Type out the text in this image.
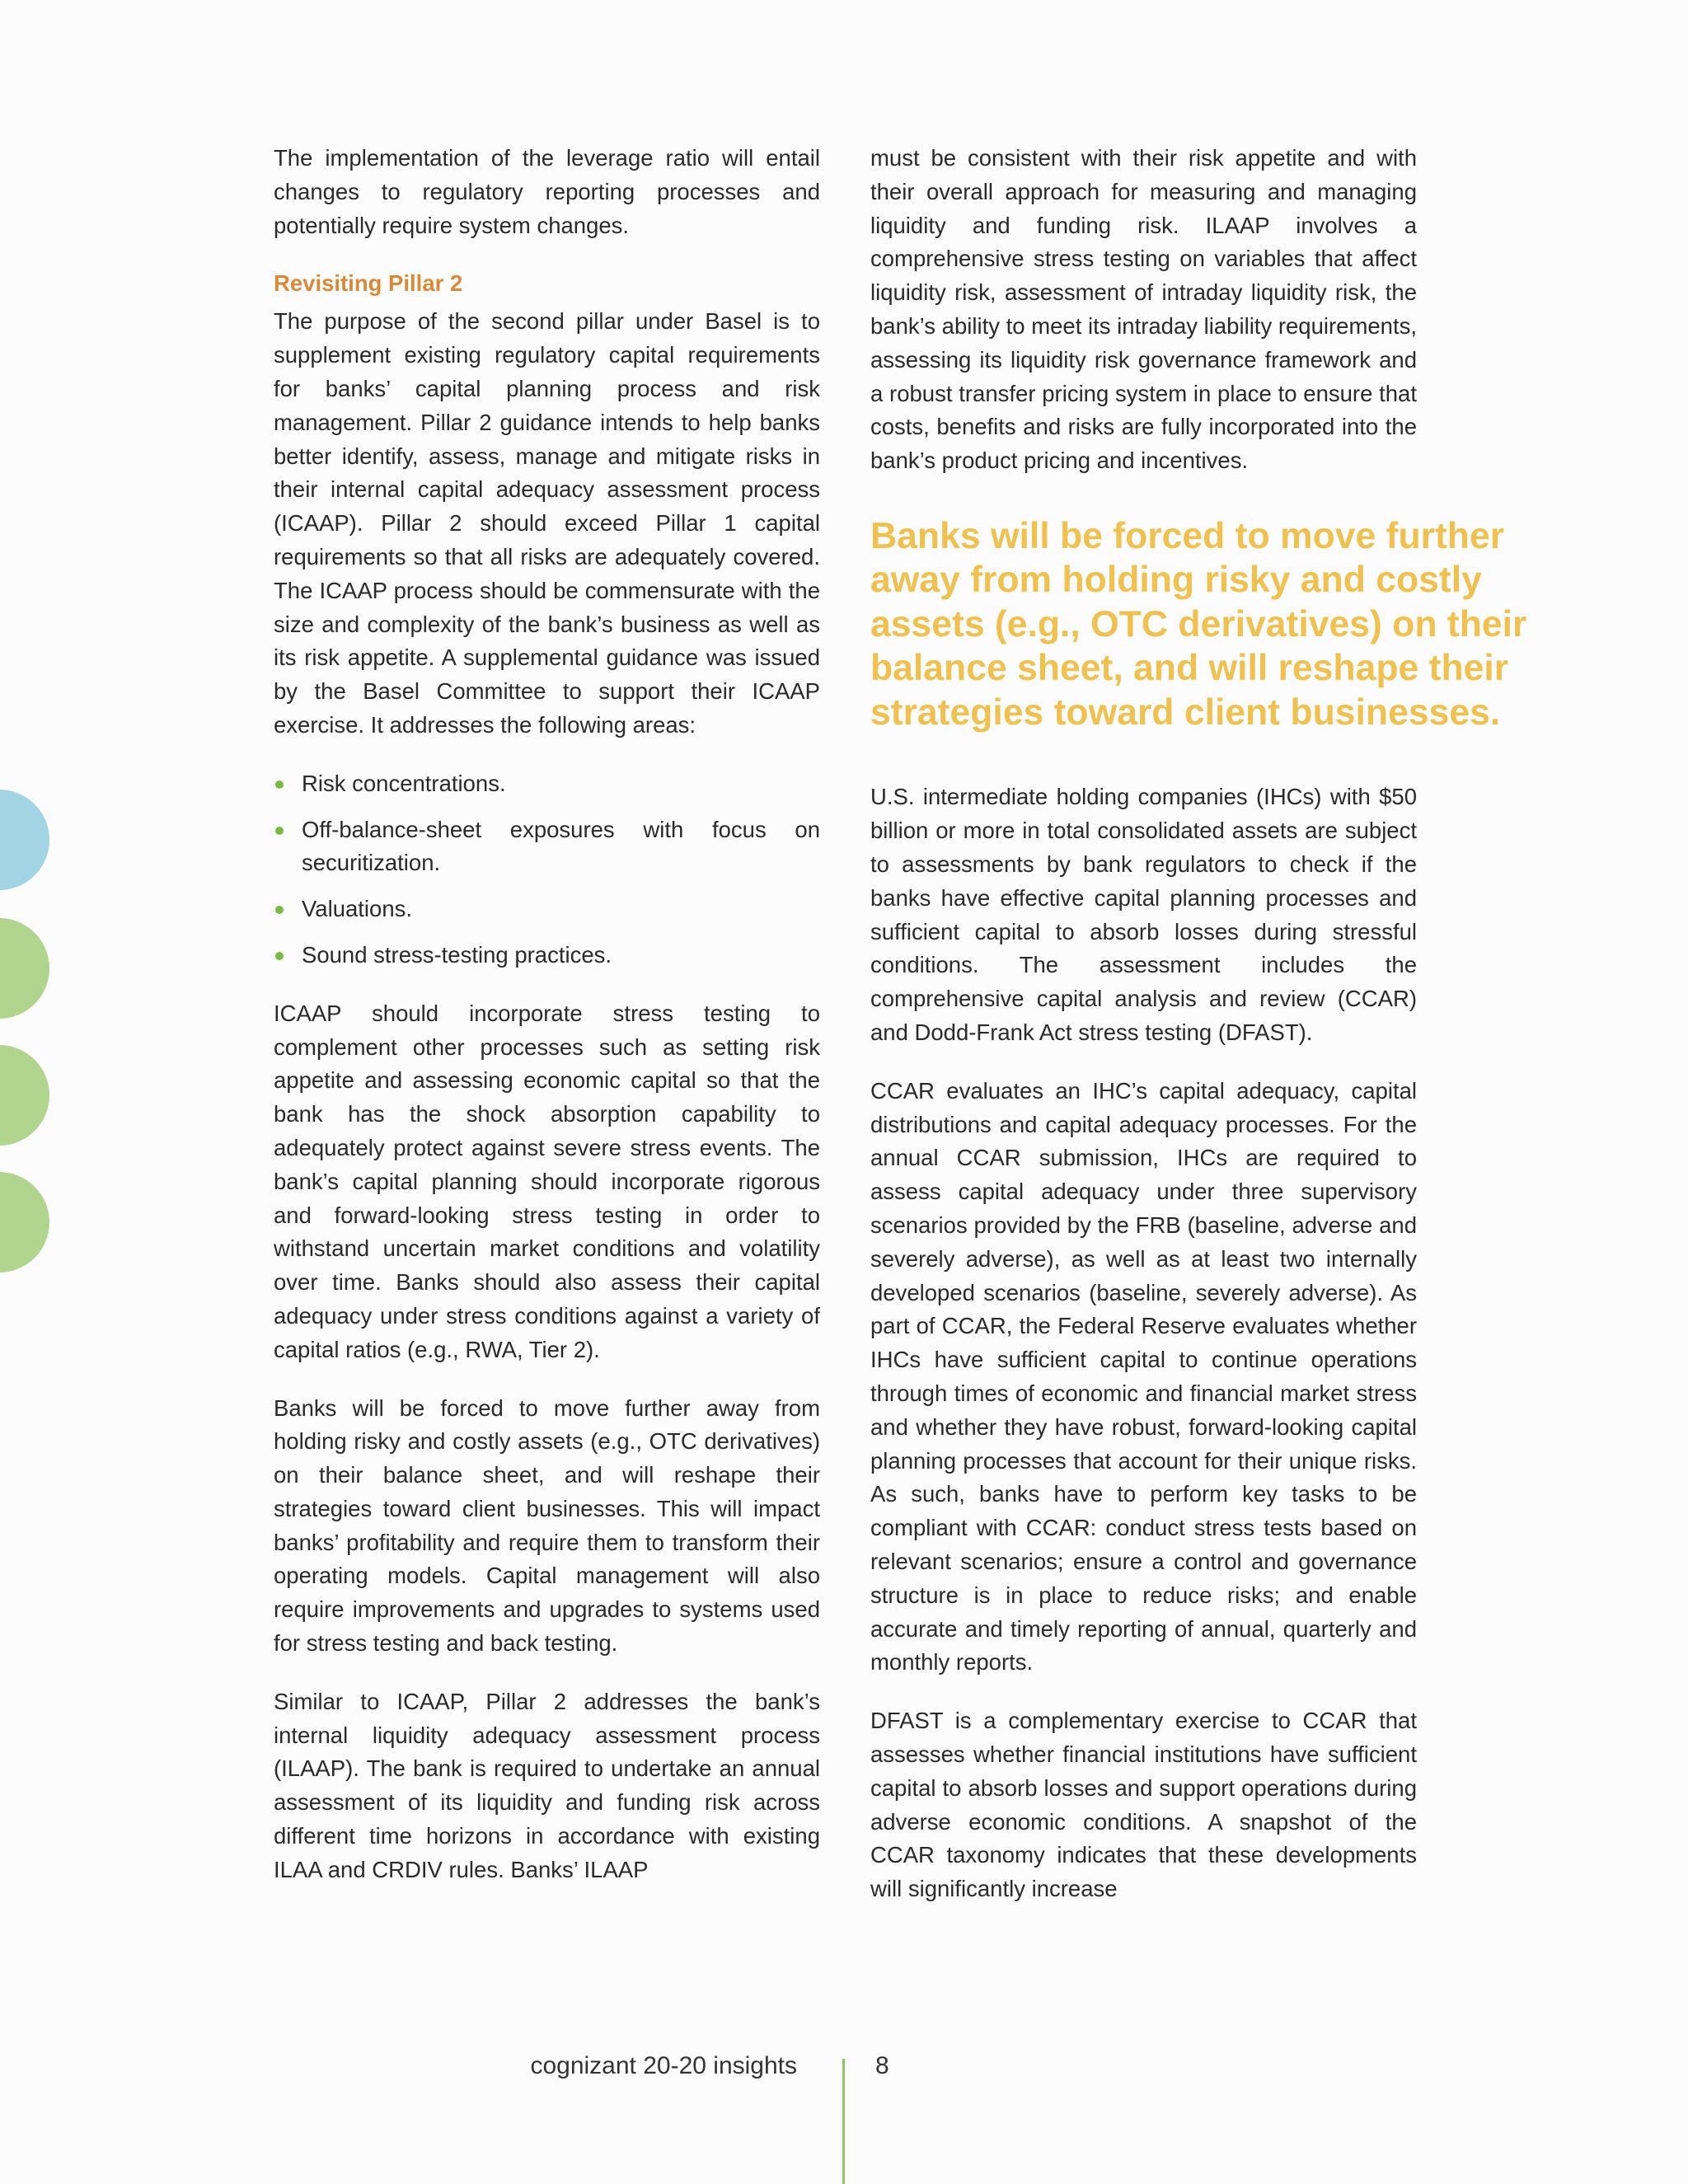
The implementation of the leverage ratio will entail changes to regulatory reporting processes and potentially require system changes.

Revisiting Pillar 2

The purpose of the second pillar under Basel is to supplement existing regulatory capital requirements for banks’ capital planning process and risk management. Pillar 2 guidance intends to help banks better identify, assess, manage and mitigate risks in their internal capital adequacy assessment process (ICAAP). Pillar 2 should exceed Pillar 1 capital requirements so that all risks are adequately covered. The ICAAP process should be commensurate with the size and complexity of the bank’s business as well as its risk appetite. A supplemental guidance was issued by the Basel Committee to support their ICAAP exercise. It addresses the following areas:

Risk concentrations.
Off-balance-sheet exposures with focus on securitization.
Valuations.
Sound stress-testing practices.

ICAAP should incorporate stress testing to complement other processes such as setting risk appetite and assessing economic capital so that the bank has the shock absorption capability to adequately protect against severe stress events. The bank’s capital planning should incorporate rigorous and forward-looking stress testing in order to withstand uncertain market conditions and volatility over time. Banks should also assess their capital adequacy under stress conditions against a variety of capital ratios (e.g., RWA, Tier 2).

Banks will be forced to move further away from holding risky and costly assets (e.g., OTC derivatives) on their balance sheet, and will reshape their strategies toward client businesses. This will impact banks’ profitability and require them to transform their operating models. Capital management will also require improvements and upgrades to systems used for stress testing and back testing.

Similar to ICAAP, Pillar 2 addresses the bank’s internal liquidity adequacy assessment process (ILAAP). The bank is required to undertake an annual assessment of its liquidity and funding risk across different time horizons in accordance with existing ILAA and CRDIV rules. Banks’ ILAAP

must be consistent with their risk appetite and with their overall approach for measuring and managing liquidity and funding risk. ILAAP involves a comprehensive stress testing on variables that affect liquidity risk, assessment of intraday liquidity risk, the bank’s ability to meet its intraday liability requirements, assessing its liquidity risk governance framework and a robust transfer pricing system in place to ensure that costs, benefits and risks are fully incorporated into the bank’s product pricing and incentives.

Banks will be forced to move further away from holding risky and costly assets (e.g., OTC derivatives) on their balance sheet, and will reshape their strategies toward client businesses.

U.S. intermediate holding companies (IHCs) with $50 billion or more in total consolidated assets are subject to assessments by bank regulators to check if the banks have effective capital planning processes and sufficient capital to absorb losses during stressful conditions. The assessment includes the comprehensive capital analysis and review (CCAR) and Dodd-Frank Act stress testing (DFAST).

CCAR evaluates an IHC’s capital adequacy, capital distributions and capital adequacy processes. For the annual CCAR submission, IHCs are required to assess capital adequacy under three supervisory scenarios provided by the FRB (baseline, adverse and severely adverse), as well as at least two internally developed scenarios (baseline, severely adverse). As part of CCAR, the Federal Reserve evaluates whether IHCs have sufficient capital to continue operations through times of economic and financial market stress and whether they have robust, forward-looking capital planning processes that account for their unique risks. As such, banks have to perform key tasks to be compliant with CCAR: conduct stress tests based on relevant scenarios; ensure a control and governance structure is in place to reduce risks; and enable accurate and timely reporting of annual, quarterly and monthly reports.

DFAST is a complementary exercise to CCAR that assesses whether financial institutions have sufficient capital to absorb losses and support operations during adverse economic conditions. A snapshot of the CCAR taxonomy indicates that these developments will significantly increase

cognizant 20-20 insights	8
